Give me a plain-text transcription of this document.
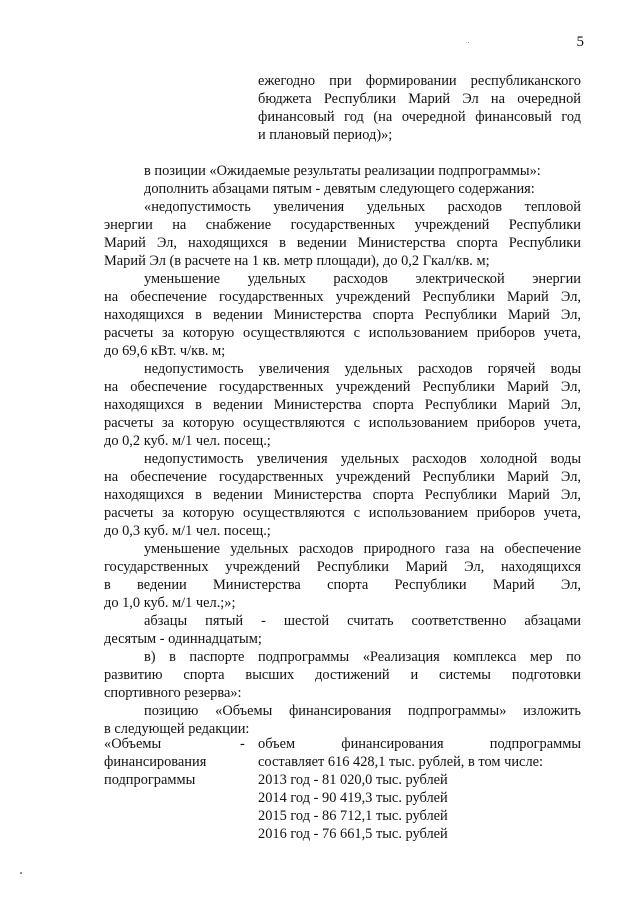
5

ежегодно при формировании республиканского

бюджета Республики Марий Эл на очередной

финансовый год (на очередной финансовый год

и плановый период)»;

в позиции «Ожидаемые результаты реализации подпрограммы»:

дополнить абзацами пятым - девятым следующего содержания:

«недопустимость увеличения удельных расходов тепловой

энергии на снабжение государственных учреждений Республики

Марий Эл, находящихся в ведении Министерства спорта Республики

Марий Эл (в расчете на 1 кв. метр площади), до 0,2 Гкал/кв. м;

уменьшение удельных расходов электрической энергии

на обеспечение государственных учреждений Республики Марий Эл,

находящихся в ведении Министерства спорта Республики Марий Эл,

расчеты за которую осуществляются с использованием приборов учета,

до 69,6 кВт. ч/кв. м;

недопустимость увеличения удельных расходов горячей воды

на обеспечение государственных учреждений Республики Марий Эл,

находящихся в ведении Министерства спорта Республики Марий Эл,

расчеты за которую осуществляются с использованием приборов учета,

до 0,2 куб. м/1 чел. посещ.;

недопустимость увеличения удельных расходов холодной воды

на обеспечение государственных учреждений Республики Марий Эл,

находящихся в ведении Министерства спорта Республики Марий Эл,

расчеты за которую осуществляются с использованием приборов учета,

до 0,3 куб. м/1 чел. посещ.;

уменьшение удельных расходов природного газа на обеспечение

государственных учреждений Республики Марий Эл, находящихся

в ведении Министерства спорта Республики Марий Эл,

до 1,0 куб. м/1 чел.;»;

абзацы пятый - шестой считать соответственно абзацами

десятым - одиннадцатым;

в) в паспорте подпрограммы «Реализация комплекса мер по

развитию спорта высших достижений и системы подготовки

спортивного резерва»:

позицию «Объемы финансирования подпрограммы» изложить

в следующей редакции:

«Объемы
финансирования
подпрограммы
- объем финансирования подпрограммы
составляет 616 428,1 тыс. рублей, в том числе:
2013 год - 81 020,0 тыс. рублей
2014 год - 90 419,3 тыс. рублей
2015 год - 86 712,1 тыс. рублей
2016 год - 76 661,5 тыс. рублей
